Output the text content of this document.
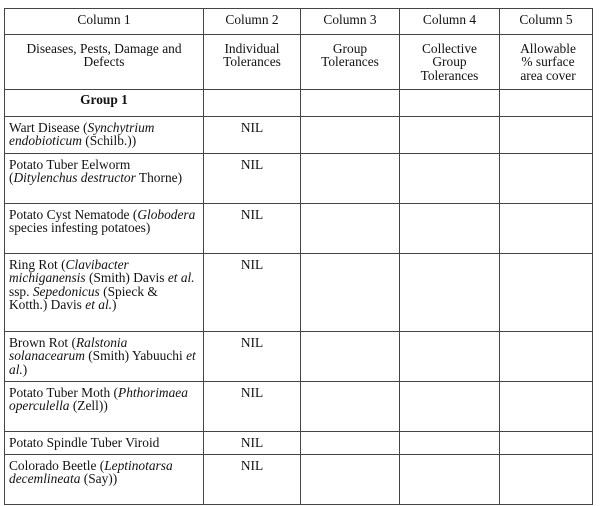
Column 1	Column 2	Column 3	Column 4	Column 5
Diseases, Pests, Damage and Defects	Individual Tolerances	Group Tolerances	Collective Group Tolerances	Allowable % surface area cover
Group 1				
Wart Disease (Synchytrium endobioticum (Schilb.))	NIL			
Potato Tuber Eelworm (Ditylenchus destructor Thorne)	NIL			
Potato Cyst Nematode (Globodera species infesting potatoes)	NIL			
Ring Rot (Clavibacter michiganensis (Smith) Davis et al. ssp. Sepedonicus (Spieck & Kotth.) Davis et al.)	NIL			
Brown Rot (Ralstonia solanacearum (Smith) Yabuuchi et al.)	NIL			
Potato Tuber Moth (Phthorimaea operculella (Zell))	NIL			
Potato Spindle Tuber Viroid	NIL			
Colorado Beetle (Leptinotarsa decemlineata (Say))	NIL			
